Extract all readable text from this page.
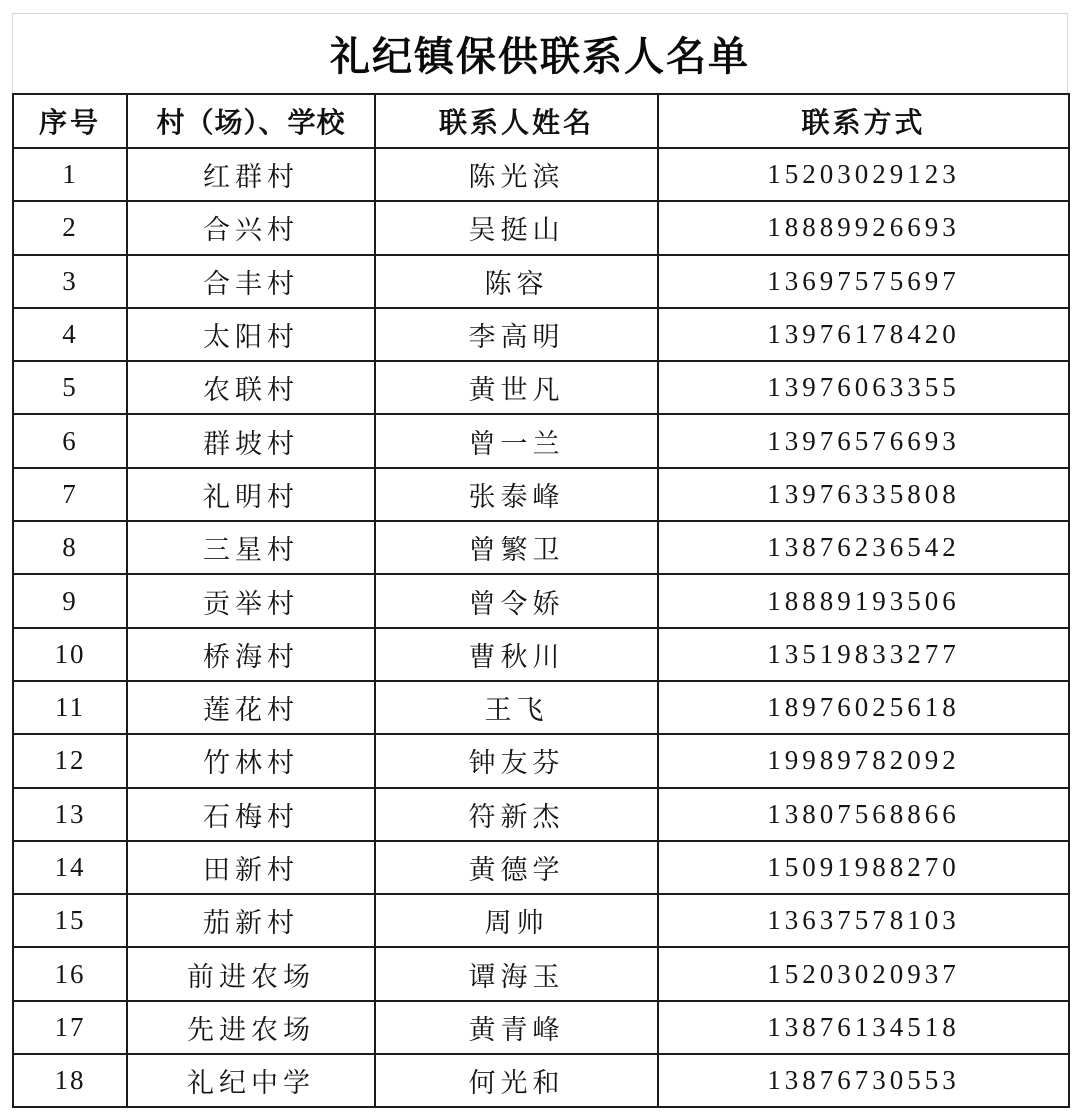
礼纪镇保供联系人名单
序号	村（场）、学校	联系人姓名	联系方式
1	红群村	陈光滨	15203029123
2	合兴村	吴挺山	18889926693
3	合丰村	陈容	13697575697
4	太阳村	李高明	13976178420
5	农联村	黄世凡	13976063355
6	群坡村	曾一兰	13976576693
7	礼明村	张泰峰	13976335808
8	三星村	曾繁卫	13876236542
9	贡举村	曾令娇	18889193506
10	桥海村	曹秋川	13519833277
11	莲花村	王飞	18976025618
12	竹林村	钟友芬	19989782092
13	石梅村	符新杰	13807568866
14	田新村	黄德学	15091988270
15	茄新村	周帅	13637578103
16	前进农场	谭海玉	15203020937
17	先进农场	黄青峰	13876134518
18	礼纪中学	何光和	13876730553
